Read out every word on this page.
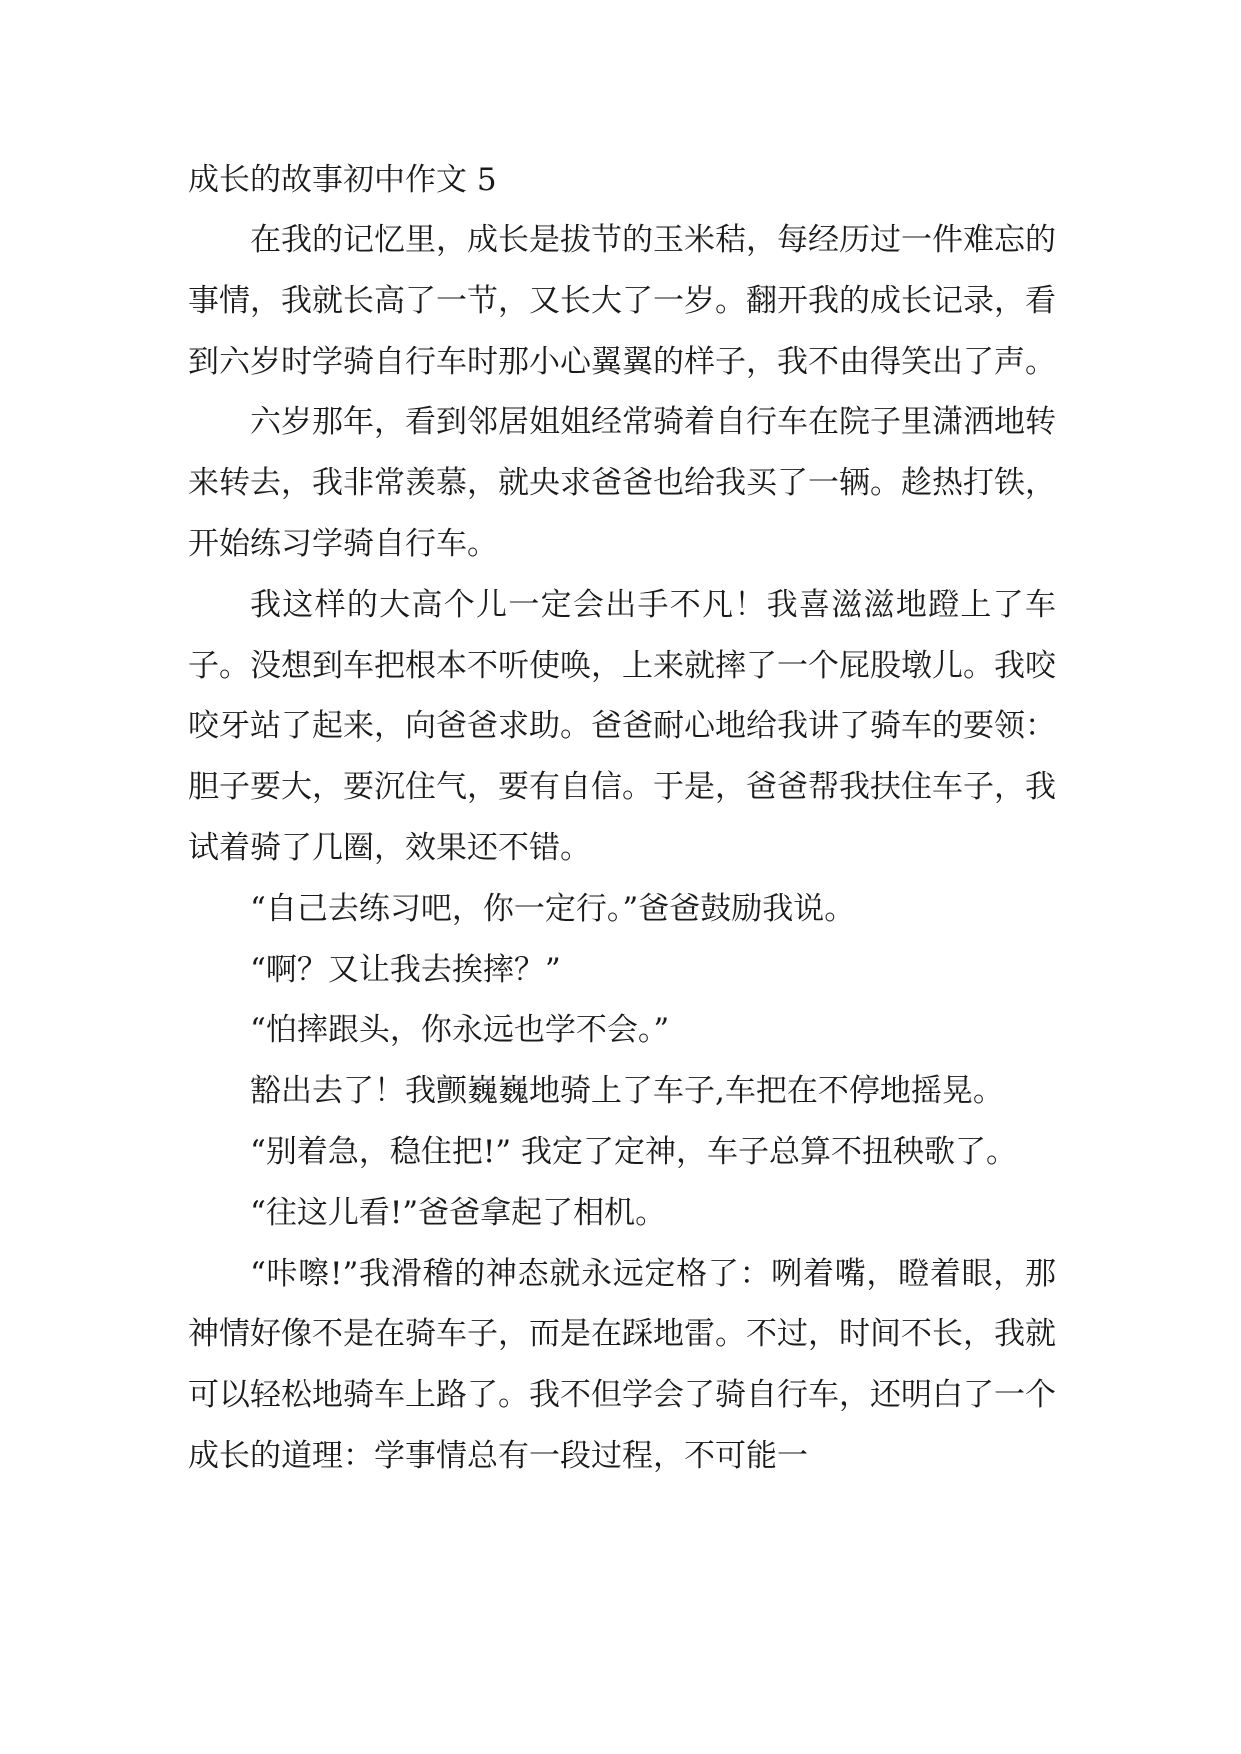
成长的故事初中作文 5

在我的记忆里，成长是拔节的玉米秸，每经历过一件难忘的事情，我就长高了一节，又长大了一岁。翻开我的成长记录，看到六岁时学骑自行车时那小心翼翼的样子，我不由得笑出了声。

六岁那年，看到邻居姐姐经常骑着自行车在院子里潇洒地转来转去，我非常羡慕，就央求爸爸也给我买了一辆。趁热打铁，开始练习学骑自行车。

我这样的大高个儿一定会出手不凡！我喜滋滋地蹬上了车子。没想到车把根本不听使唤，上来就摔了一个屁股墩儿。我咬咬牙站了起来，向爸爸求助。爸爸耐心地给我讲了骑车的要领：胆子要大，要沉住气，要有自信。于是，爸爸帮我扶住车子，我试着骑了几圈，效果还不错。

“自己去练习吧，你一定行。”爸爸鼓励我说。

“啊？又让我去挨摔？”

“怕摔跟头，你永远也学不会。”

豁出去了！我颤巍巍地骑上了车子,车把在不停地摇晃。

“别着急，稳住把!” 我定了定神，车子总算不扭秧歌了。

“往这儿看!”爸爸拿起了相机。

“咔嚓!”我滑稽的神态就永远定格了：咧着嘴，瞪着眼，那神情好像不是在骑车子，而是在踩地雷。不过，时间不长，我就可以轻松地骑车上路了。我不但学会了骑自行车，还明白了一个成长的道理：学事情总有一段过程，不可能一
